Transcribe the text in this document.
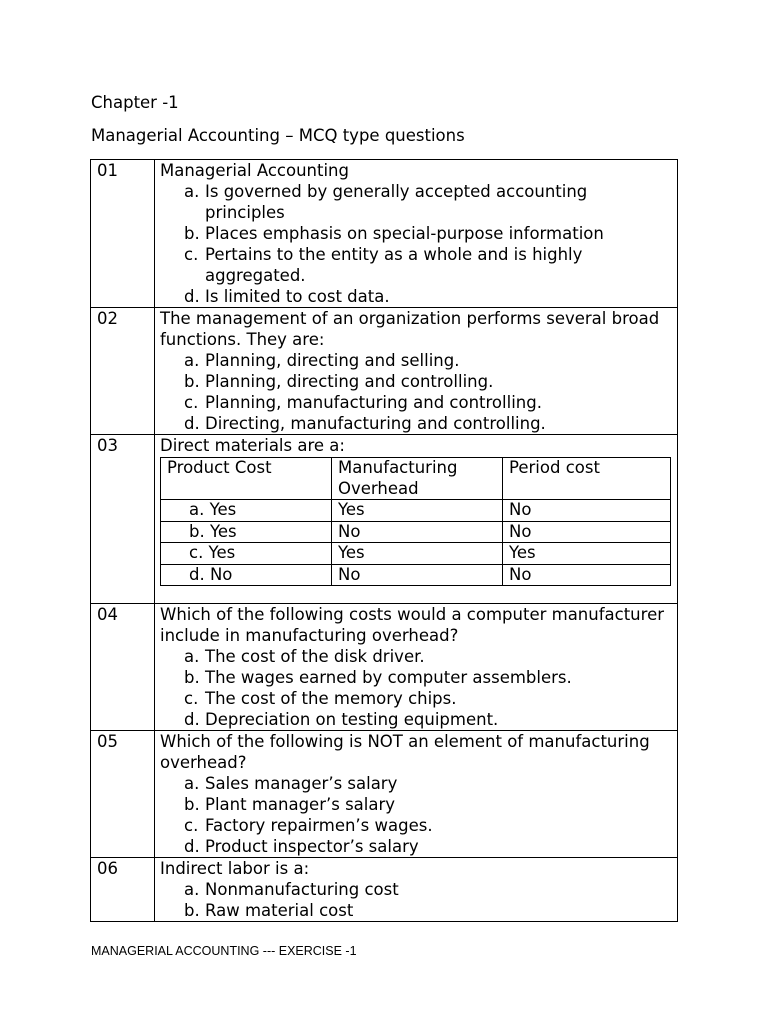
Chapter -1
Managerial Accounting – MCQ type questions
01	Managerial Accounting
a. Is governed by generally accepted accounting principles
b. Places emphasis on special-purpose information
c. Pertains to the entity as a whole and is highly aggregated.
d. Is limited to cost data.

02	The management of an organization performs several broad functions. They are:
a. Planning, directing and selling.
b. Planning, directing and controlling.
c. Planning, manufacturing and controlling.
d. Directing, manufacturing and controlling.

03	Direct materials are a:
Product Cost	Manufacturing Overhead	Period cost
a. Yes	Yes	No
b. Yes	No	No
c. Yes	Yes	Yes
d. No	No	No

04	Which of the following costs would a computer manufacturer include in manufacturing overhead?
a. The cost of the disk driver.
b. The wages earned by computer assemblers.
c. The cost of the memory chips.
d. Depreciation on testing equipment.

05	Which of the following is NOT an element of manufacturing overhead?
a. Sales manager’s salary
b. Plant manager’s salary
c. Factory repairmen’s wages.
d. Product inspector’s salary

06	Indirect labor is a:
a. Nonmanufacturing cost
b. Raw material cost
MANAGERIAL ACCOUNTING --- EXERCISE -1
